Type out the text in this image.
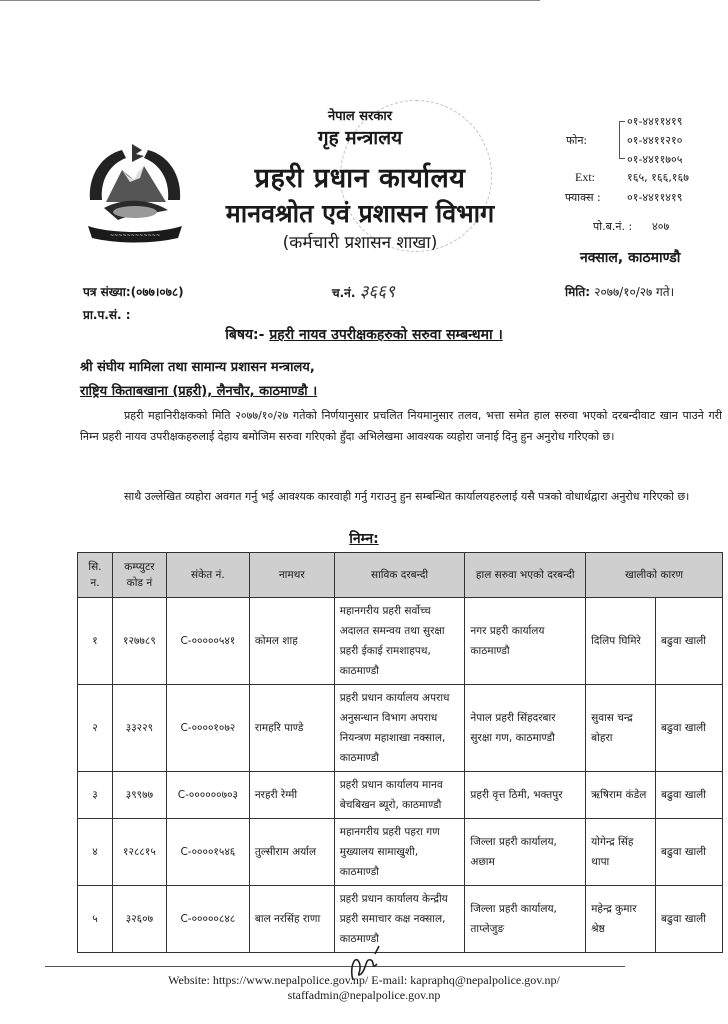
~~~~~~~~~~~~
नेपाल सरकार
गृह मन्त्रालय
प्रहरी प्रधान कार्यालय
मानवश्रोत एवं प्रशासन विभाग
(कर्मचारी प्रशासन शाखा)
फोन:
०१-४४११४१९
०१-४४११२१०
०१-४४११७०५
Ext:	१६५, १६६,१६७
फ्याक्स : ०१-४४११४१९
पो.ब.नं. : ४०७
नक्साल, काठमाण्डौ
पत्र संख्या:(०७७।०७८)	च.नं. ३६६९	मिति: २०७७/१०/२७ गते।
प्रा.प.सं. :
बिषय:- प्रहरी नायव उपरीक्षकहरुको सरुवा सम्बन्धमा ।
श्री संघीय मामिला तथा सामान्य प्रशासन मन्त्रालय,
राष्ट्रिय किताबखाना (प्रहरी), लैनचौर, काठमाण्डौ ।
प्रहरी महानिरीक्षकको मिति २०७७/१०/२७ गतेको निर्णयानुसार प्रचलित नियमानुसार तलव, भत्ता समेत हाल सरुवा भएको दरबन्दीवाट खान पाउने गरी निम्न प्रहरी नायव उपरीक्षकहरुलाई देहाय बमोजिम सरुवा गरिएको हुँदा अभिलेखमा आवश्यक व्यहोरा जनाई दिनु हुन अनुरोध गरिएको छ।
साथै उल्लेखित व्यहोरा अवगत गर्नु भई आवश्यक कारवाही गर्नु गराउनु हुन सम्बन्धित कार्यालयहरुलाई यसै पत्रको वोधार्थद्वारा अनुरोध गरिएको छ।
निम्न:
सि. न.	कम्प्युटर कोड नं	संकेत नं.	नामथर	साविक दरबन्दी	हाल सरुवा भएको दरबन्दी	खालीको कारण	
१	१२७७८९	C-०००००५४१	कोमल शाह	महानगरीय प्रहरी सर्वोच्च अदालत समन्वय तथा सुरक्षा प्रहरी ईकाई रामशाहपथ, काठमाण्डौ	नगर प्रहरी कार्यालय काठमाण्डौ	दिलिप घिमिरे	बढुवा खाली
२	३३२२९	C-००००१०७२	रामहरि पाण्डे	प्रहरी प्रधान कार्यालय अपराध अनुसन्धान विभाग अपराध नियन्त्रण महाशाखा नक्साल, काठमाण्डौ	नेपाल प्रहरी सिंहदरबार सुरक्षा गण, काठमाण्डौ	सुवास चन्द्र बोहरा	बढुवा खाली
३	३९९७७	C-००००००७०३	नरहरी रेग्मी	प्रहरी प्रधान कार्यालय मानव बेचबिखन ब्यूरो, काठमाण्डौ	प्रहरी वृत्त ठिमी, भक्तपुर	ऋषिराम कंडेल	बढुवा खाली
४	१२८८१५	C-००००१५४६	तुल्सीराम अर्याल	महानगरीय प्रहरी पहरा गण मुख्यालय सामाखुशी, काठमाण्डौ	जिल्ला प्रहरी कार्यालय, अछाम	योगेन्द्र सिंह थापा	बढुवा खाली
५	३२६०७	C-०००००८४८	बाल नरसिंह राणा	प्रहरी प्रधान कार्यालय केन्द्रीय प्रहरी समाचार कक्ष नक्साल, काठमाण्डौ	जिल्ला प्रहरी कार्यालय, ताप्लेजुङ	महेन्द्र कुमार श्रेष्ठ	बढुवा खाली
Website: https://www.nepalpolice.gov.np/ E-mail: kapraphq@nepalpolice.gov.np/
staffadmin@nepalpolice.gov.np
